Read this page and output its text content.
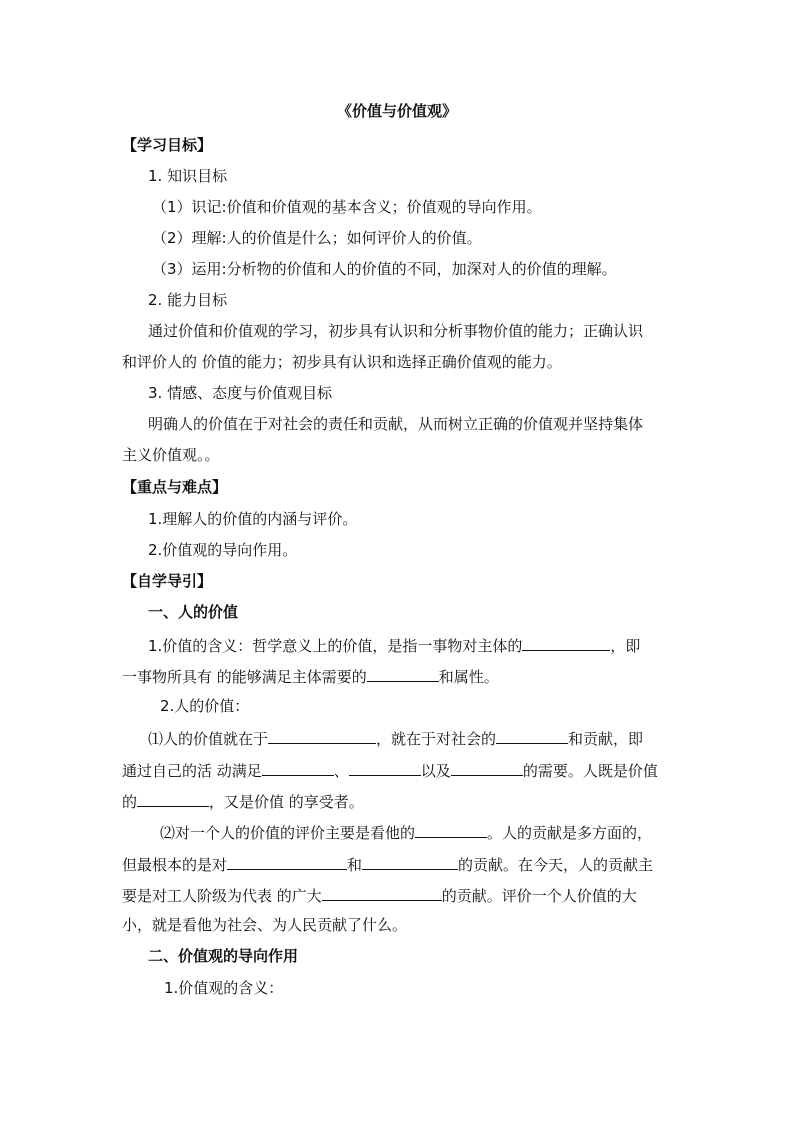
《价值与价值观》

【学习目标】

1. 知识目标

（1）识记:价值和价值观的基本含义；价值观的导向作用。

（2）理解:人的价值是什么；如何评价人的价值。

（3）运用:分析物的价值和人的价值的不同，加深对人的价值的理解。

2. 能力目标

通过价值和价值观的学习，初步具有认识和分析事物价值的能力；正确认识

和评价人的 价值的能力；初步具有认识和选择正确价值观的能力。

3. 情感、态度与价值观目标

明确人的价值在于对社会的责任和贡献，从而树立正确的价值观并坚持集体

主义价值观。。

【重点与难点】

1.理解人的价值的内涵与评价。

2.价值观的导向作用。

【自学导引】

一、人的价值

1.价值的含义：哲学意义上的价值，是指一事物对主体的	，即

一事物所具有 的能够满足主体需要的	和属性。

2.人的价值：

⑴人的价值就在于	，就在于对社会的	和贡献，即

通过自己的活 动满足	、	以及	的需要。人既是价值

的	，又是价值 的享受者。

⑵对一个人的价值的评价主要是看他的	。人的贡献是多方面的，

但最根本的是对	和	的贡献。在今天，人的贡献主

要是对工人阶级为代表 的广大	的贡献。评价一个人价值的大

小，就是看他为社会、为人民贡献了什么。

二、价值观的导向作用

1.价值观的含义：
